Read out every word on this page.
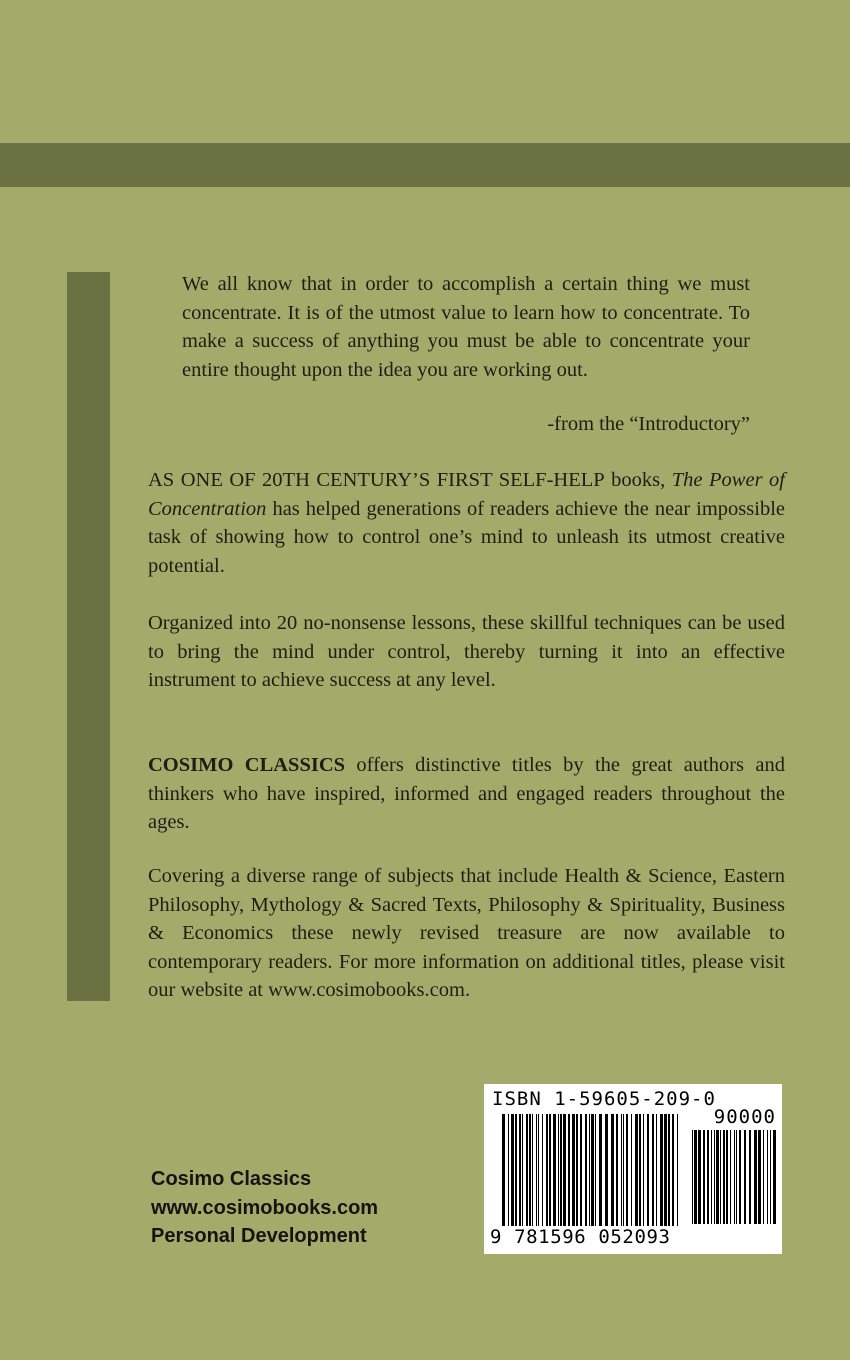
We all know that in order to accomplish a certain thing we must concentrate. It is of the utmost value to learn how to concentrate. To make a success of anything you must be able to concentrate your entire thought upon the idea you are working out.
-from the “Introductory”

AS ONE OF 20TH CENTURY’S FIRST SELF-HELP books, The Power of Concentration has helped generations of readers achieve the near impossible task of showing how to control one’s mind to unleash its utmost creative potential.

Organized into 20 no-nonsense lessons, these skillful techniques can be used to bring the mind under control, thereby turning it into an effective instrument to achieve success at any level.

COSIMO CLASSICS offers distinctive titles by the great authors and thinkers who have inspired, informed and engaged readers throughout the ages.

Covering a diverse range of subjects that include Health & Science, Eastern Philosophy, Mythology & Sacred Texts, Philosophy & Spirituality, Business & Economics these newly revised treasure are now available to contemporary readers. For more information on additional titles, please visit our website at www.cosimobooks.com.

Cosimo Classics
www.cosimobooks.com
Personal Development
ISBN 1-59605-209-0
90000
9 781596 052093
